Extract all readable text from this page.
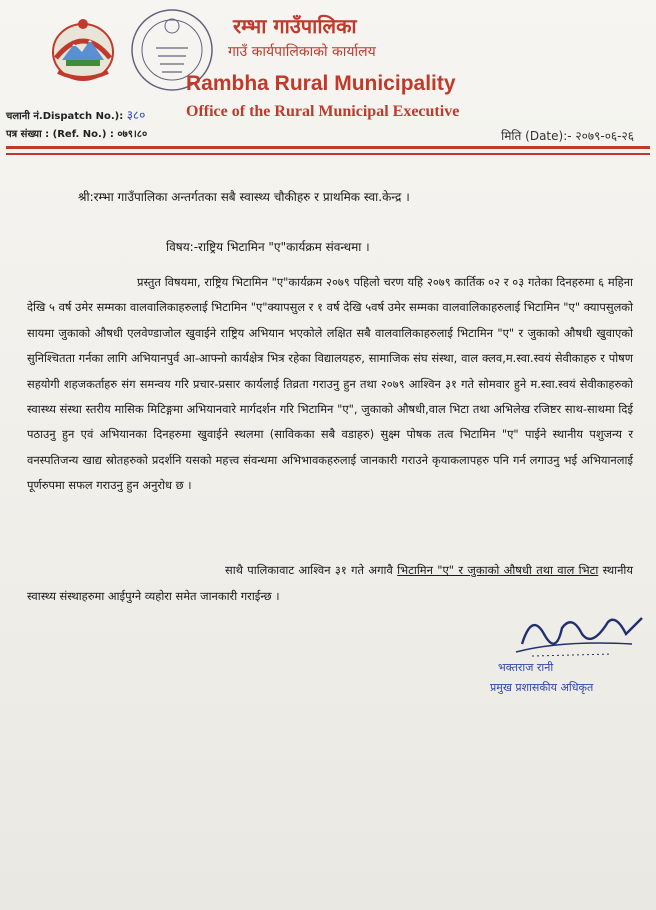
रम्भा गाउँपालिका
गाउँ कार्यपालिकाको कार्यालय
Rambha Rural Municipality
Office of the Rural Municipal Executive
चलानी नं.Dispatch No.): ३८०
पत्र संख्या : (Ref. No.) : ०७९।८०	मिति (Date):- २०७९-०६-२६
श्री:रम्भा गाउँपालिका अन्तर्गतका सबै स्वास्थ्य चौकीहरु र प्राथमिक स्वा.केन्द्र ।
विषय:-राष्ट्रिय भिटामिन "ए"कार्यक्रम संवन्धमा ।

प्रस्तुत विषयमा, राष्ट्रिय भिटामिन "ए"कार्यक्रम २०७९ पहिलो चरण यहि २०७९ कार्तिक ०२ र ०३ गतेका दिनहरुमा ६ महिना देखि ५ वर्ष उमेर सम्मका वालवालिकाहरुलाई भिटामिन "ए"क्यापसुल र १ वर्ष देखि ५वर्ष उमेर सम्मका वालवालिकाहरुलाई भिटामिन "ए" क्यापसुलको सायमा जुकाको औषधी एलवेण्डाजोल खुवाईने राष्ट्रिय अभियान भएकोले लक्षित सबै वालवालिकाहरुलाई भिटामिन "ए" र जुकाको औषधी खुवाएको सुनिश्चितता गर्नका लागि अभियानपुर्व आ-आफ्नो कार्यक्षेत्र भित्र रहेका विद्यालयहरु, सामाजिक संघ संस्था, वाल क्लव,म.स्वा.स्वयं सेवीकाहरु र पोषण सहयोगी शहजकर्ताहरु संग समन्वय गरि प्रचार-प्रसार कार्यलाई तिव्रता गराउनु हुन तथा २०७९ आश्विन ३१ गते सोमवार हुने म.स्वा.स्वयं सेवीकाहरुको स्वास्थ्य संस्था स्तरीय मासिक मिटिङ्गमा अभियानवारे मार्गदर्शन गरि भिटामिन "ए", जुकाको औषधी,वाल भिटा तथा अभिलेख रजिष्टर साथ-साथमा दिई पठाउनु हुन एवं अभियानका दिनहरुमा खुवाईने स्थलमा (साविकका सबै वडाहरु) सुक्ष्म पोषक तत्व भिटामिन "ए" पाईने स्थानीय पशुजन्य र वनस्पतिजन्य खाद्य स्रोतहरुको प्रदर्शनि यसको महत्त्व संवन्धमा अभिभावकहरुलाई जानकारी गराउने कृयाकलापहरु पनि गर्न लगाउनु भई अभियानलाई पूर्णरुपमा सफल गराउनु हुन अनुरोध छ ।

साथै पालिकावाट आश्विन ३१ गते अगावै भिटामिन "ए" र जुकाको औषधी तथा वाल भिटा स्थानीय स्वास्थ्य संस्थाहरुमा आईपुग्ने व्यहोरा समेत जानकारी गराईन्छ ।

भक्तराज रानी
प्रमुख प्रशासकीय अधिकृत
